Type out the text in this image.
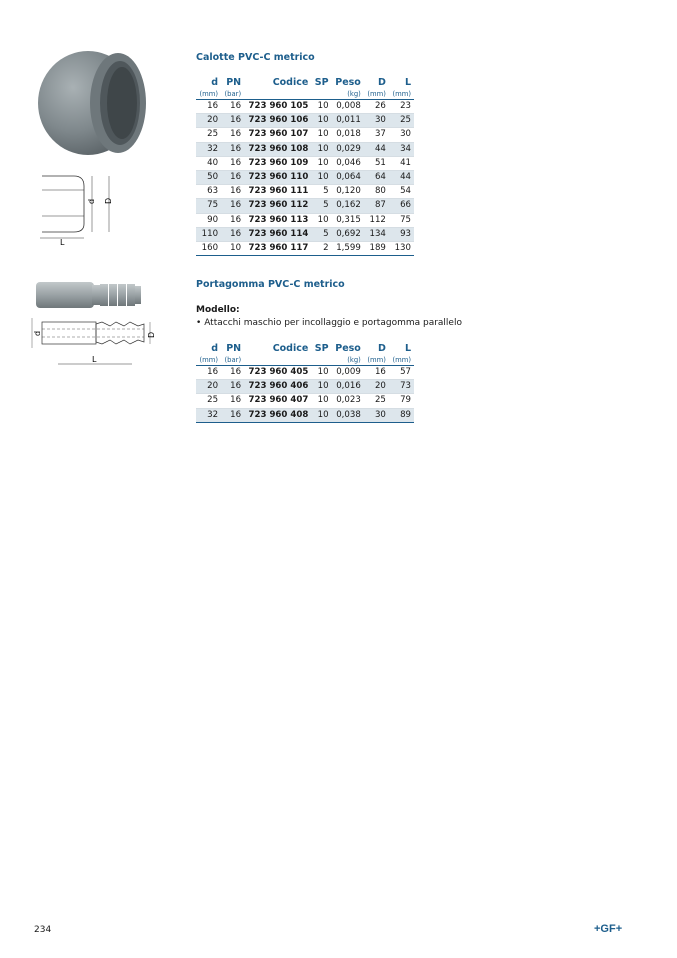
d D
L
Calotte PVC-C metrico
d	PN	Codice	SP	Peso	D	L
(mm)	(bar)			(kg)	(mm)	(mm)
16	16	723 960 105	10	0,008	26	23
20	16	723 960 106	10	0,011	30	25
25	16	723 960 107	10	0,018	37	30
32	16	723 960 108	10	0,029	44	34
40	16	723 960 109	10	0,046	51	41
50	16	723 960 110	10	0,064	64	44
63	16	723 960 111	5	0,120	80	54
75	16	723 960 112	5	0,162	87	66
90	16	723 960 113	10	0,315	112	75
110	16	723 960 114	5	0,692	134	93
160	10	723 960 117	2	1,599	189	130
d	D
L
Portagomma PVC-C metrico
Modello:
• Attacchi maschio per incollaggio e portagomma parallelo
d	PN	Codice	SP	Peso	D	L
(mm)	(bar)			(kg)	(mm)	(mm)
16	16	723 960 405	10	0,009	16	57
20	16	723 960 406	10	0,016	20	73
25	16	723 960 407	10	0,023	25	79
32	16	723 960 408	10	0,038	30	89
234	+GF+
